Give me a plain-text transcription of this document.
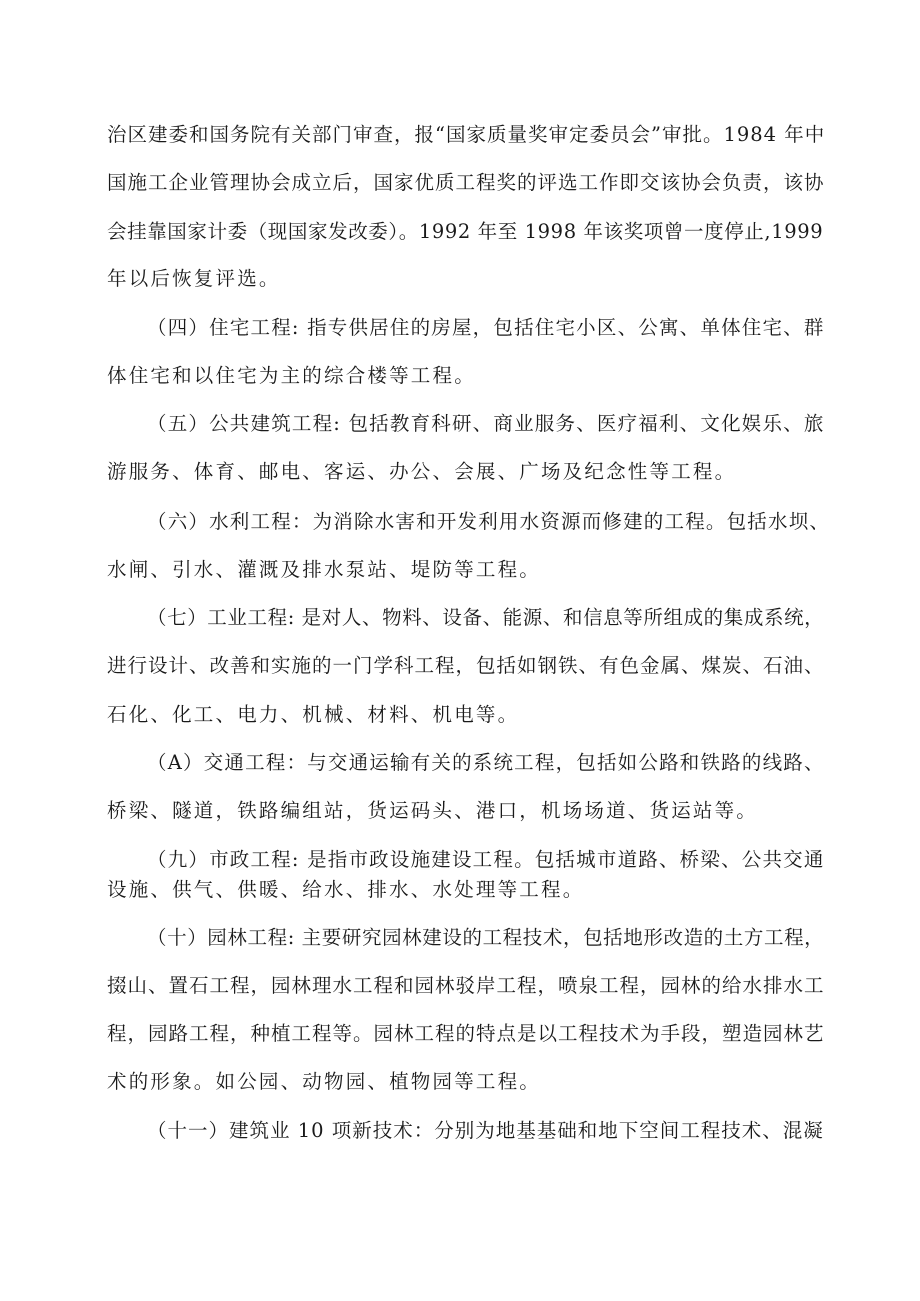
治区建委和国务院有关部门审查，报“国家质量奖审定委员会”审批。1984 年中
国施工企业管理协会成立后，国家优质工程奖的评选工作即交该协会负责，该协
会挂靠国家计委（现国家发改委）。1992 年至 1998 年该奖项曾一度停止,1999
年以后恢复评选。
（四）住宅工程: 指专供居住的房屋，包括住宅小区、公寓、单体住宅、群
体住宅和以住宅为主的综合楼等工程。
（五）公共建筑工程: 包括教育科研、商业服务、医疗福利、文化娱乐、旅
游服务、体育、邮电、客运、办公、会展、广场及纪念性等工程。
（六）水利工程：为消除水害和开发利用水资源而修建的工程。包括水坝、
水闸、引水、灌溉及排水泵站、堤防等工程。
（七）工业工程: 是对人、物料、设备、能源、和信息等所组成的集成系统，
进行设计、改善和实施的一门学科工程，包括如钢铁、有色金属、煤炭、石油、
石化、化工、电力、机械、材料、机电等。
（A）交通工程：与交通运输有关的系统工程，包括如公路和铁路的线路、
桥梁、隧道，铁路编组站，货运码头、港口，机场场道、货运站等。
（九）市政工程: 是指市政设施建设工程。包括城市道路、桥梁、公共交通
设施、供气、供暖、给水、排水、水处理等工程。
（十）园林工程: 主要研究园林建设的工程技术，包括地形改造的土方工程，
掇山、置石工程，园林理水工程和园林驳岸工程，喷泉工程，园林的给水排水工
程，园路工程，种植工程等。园林工程的特点是以工程技术为手段，塑造园林艺
术的形象。如公园、动物园、植物园等工程。
（十一）建筑业 10 项新技术：分别为地基基础和地下空间工程技术、混凝
